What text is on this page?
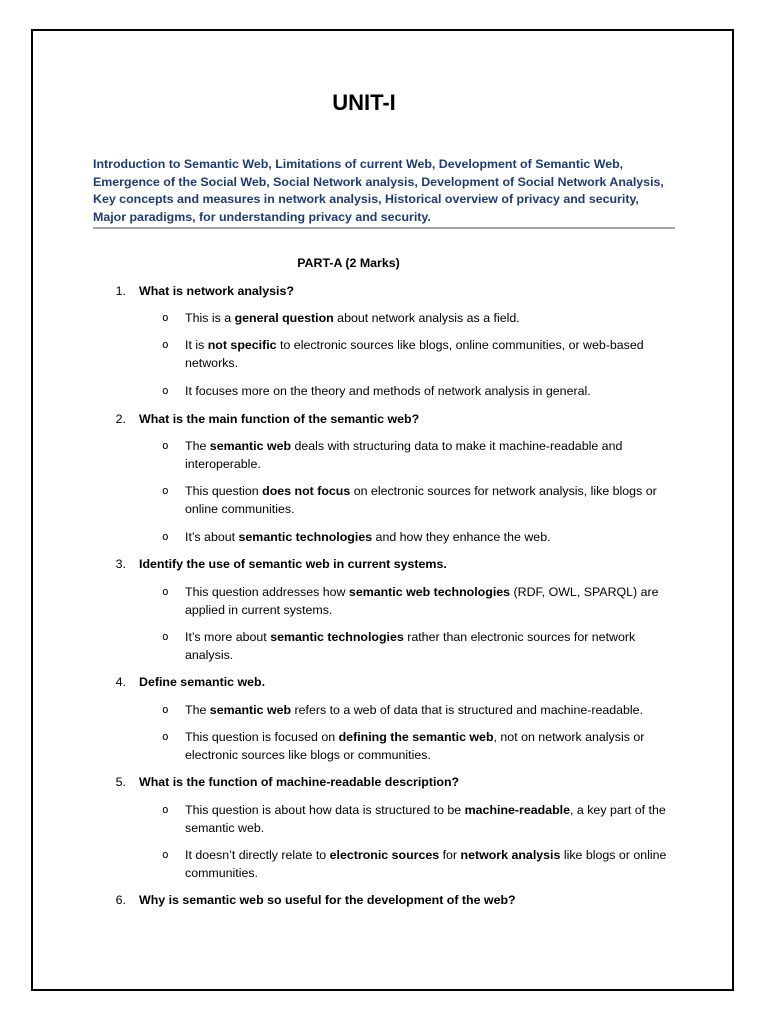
UNIT-I
Introduction to Semantic Web, Limitations of current Web, Development of Semantic Web, Emergence of the Social Web, Social Network analysis, Development of Social Network Analysis, Key concepts and measures in network analysis, Historical overview of privacy and security, Major paradigms, for understanding privacy and security.
PART-A (2 Marks)
1. What is network analysis?
o This is a general question about network analysis as a field.
o It is not specific to electronic sources like blogs, online communities, or web-based networks.
o It focuses more on the theory and methods of network analysis in general.
2. What is the main function of the semantic web?
o The semantic web deals with structuring data to make it machine-readable and interoperable.
o This question does not focus on electronic sources for network analysis, like blogs or online communities.
o It’s about semantic technologies and how they enhance the web.
3. Identify the use of semantic web in current systems.
o This question addresses how semantic web technologies (RDF, OWL, SPARQL) are applied in current systems.
o It’s more about semantic technologies rather than electronic sources for network analysis.
4. Define semantic web.
o The semantic web refers to a web of data that is structured and machine-readable.
o This question is focused on defining the semantic web, not on network analysis or electronic sources like blogs or communities.
5. What is the function of machine-readable description?
o This question is about how data is structured to be machine-readable, a key part of the semantic web.
o It doesn’t directly relate to electronic sources for network analysis like blogs or online communities.
6. Why is semantic web so useful for the development of the web?
